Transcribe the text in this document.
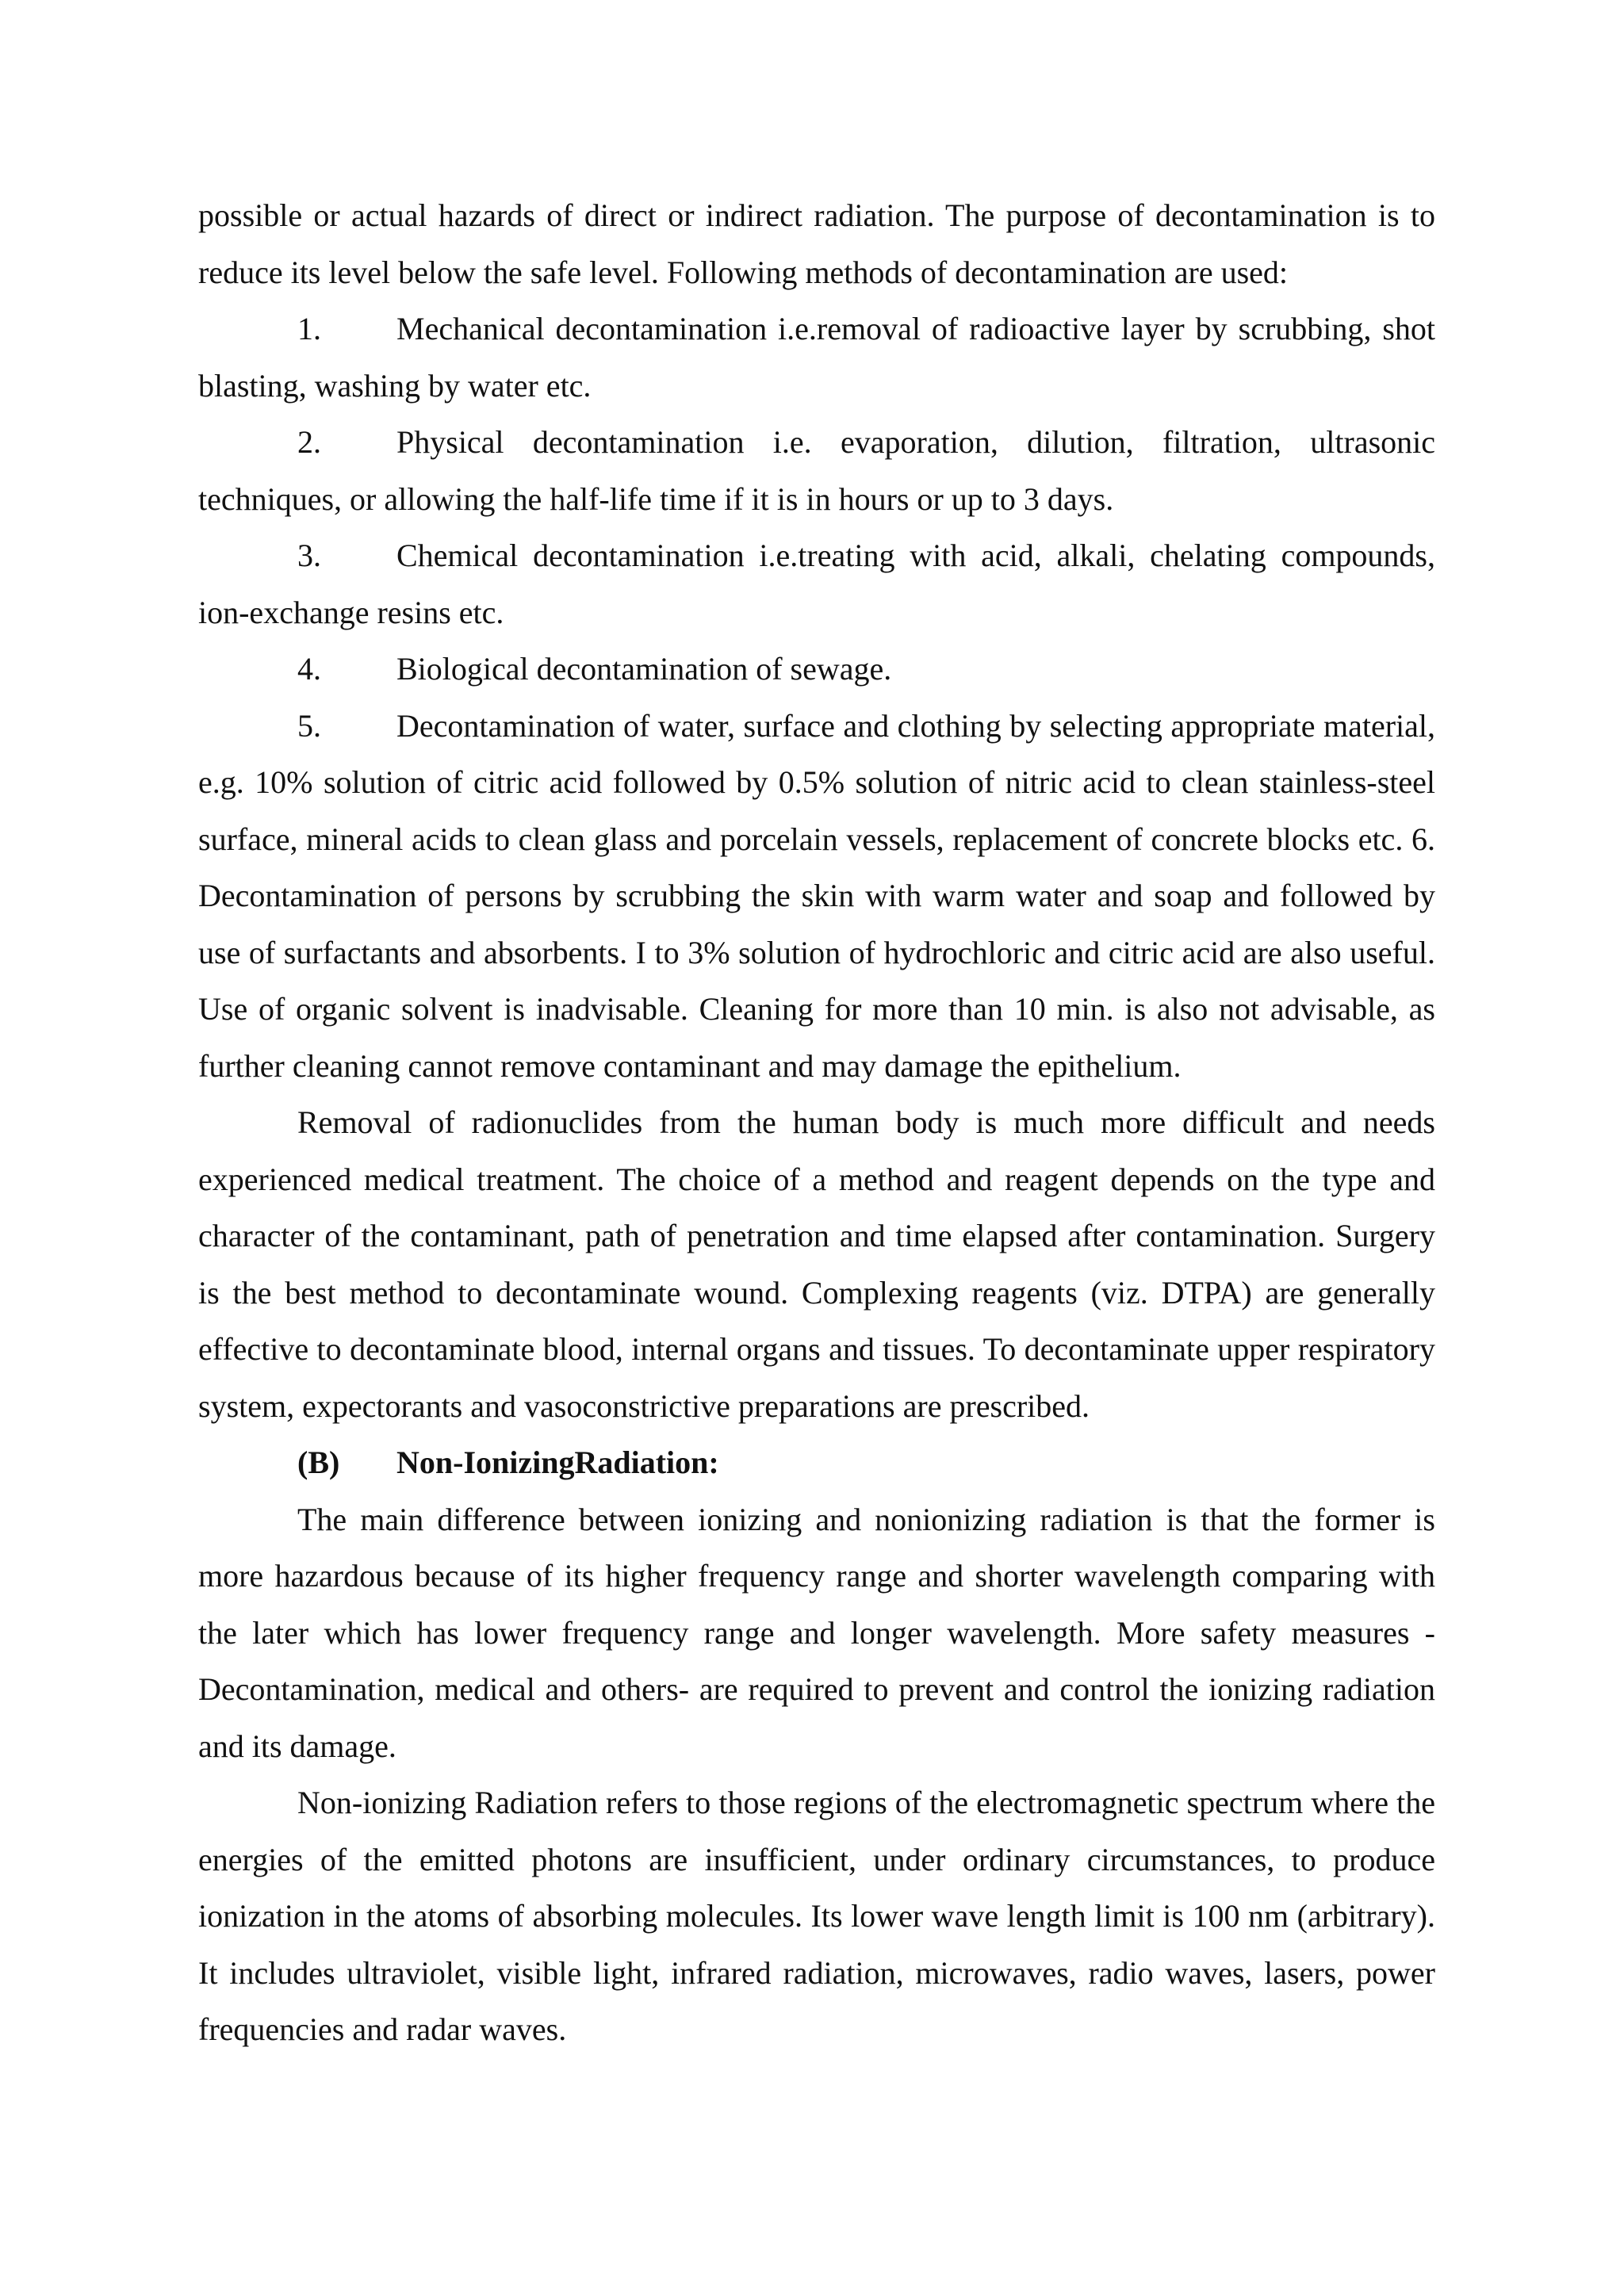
possible or actual hazards of direct or indirect radiation. The purpose of decontamination is to reduce its level below the safe level. Following methods of decontamination are used:

1. Mechanical decontamination i.e.removal of radioactive layer by scrubbing, shot blasting, washing by water etc.

2. Physical decontamination i.e. evaporation, dilution, filtration, ultrasonic techniques, or allowing the half-life time if it is in hours or up to 3 days.

3. Chemical decontamination i.e.treating with acid, alkali, chelating compounds, ion-exchange resins etc.

4. Biological decontamination of sewage.

5. Decontamination of water, surface and clothing by selecting appropriate material, e.g. 10% solution of citric acid followed by 0.5% solution of nitric acid to clean stainless-steel surface, mineral acids to clean glass and porcelain vessels, replacement of concrete blocks etc. 6. Decontamination of persons by scrubbing the skin with warm water and soap and followed by use of surfactants and absorbents. I to 3% solution of hydrochloric and citric acid are also useful. Use of organic solvent is inadvisable. Cleaning for more than 10 min. is also not advisable, as further cleaning cannot remove contaminant and may damage the epithelium.

Removal of radionuclides from the human body is much more difficult and needs experienced medical treatment. The choice of a method and reagent depends on the type and character of the contaminant, path of penetration and time elapsed after contamination. Surgery is the best method to decontaminate wound. Complexing reagents (viz. DTPA) are generally effective to decontaminate blood, internal organs and tissues. To decontaminate upper respiratory system, expectorants and vasoconstrictive preparations are prescribed.

(B) Non-IonizingRadiation:

The main difference between ionizing and nonionizing radiation is that the former is more hazardous because of its higher frequency range and shorter wavelength comparing with the later which has lower frequency range and longer wavelength. More safety measures - Decontamination, medical and others- are required to prevent and control the ionizing radiation and its damage.

Non-ionizing Radiation refers to those regions of the electromagnetic spectrum where the energies of the emitted photons are insufficient, under ordinary circumstances, to produce ionization in the atoms of absorbing molecules. Its lower wave length limit is 100 nm (arbitrary). It includes ultraviolet, visible light, infrared radiation, microwaves, radio waves, lasers, power frequencies and radar waves.
